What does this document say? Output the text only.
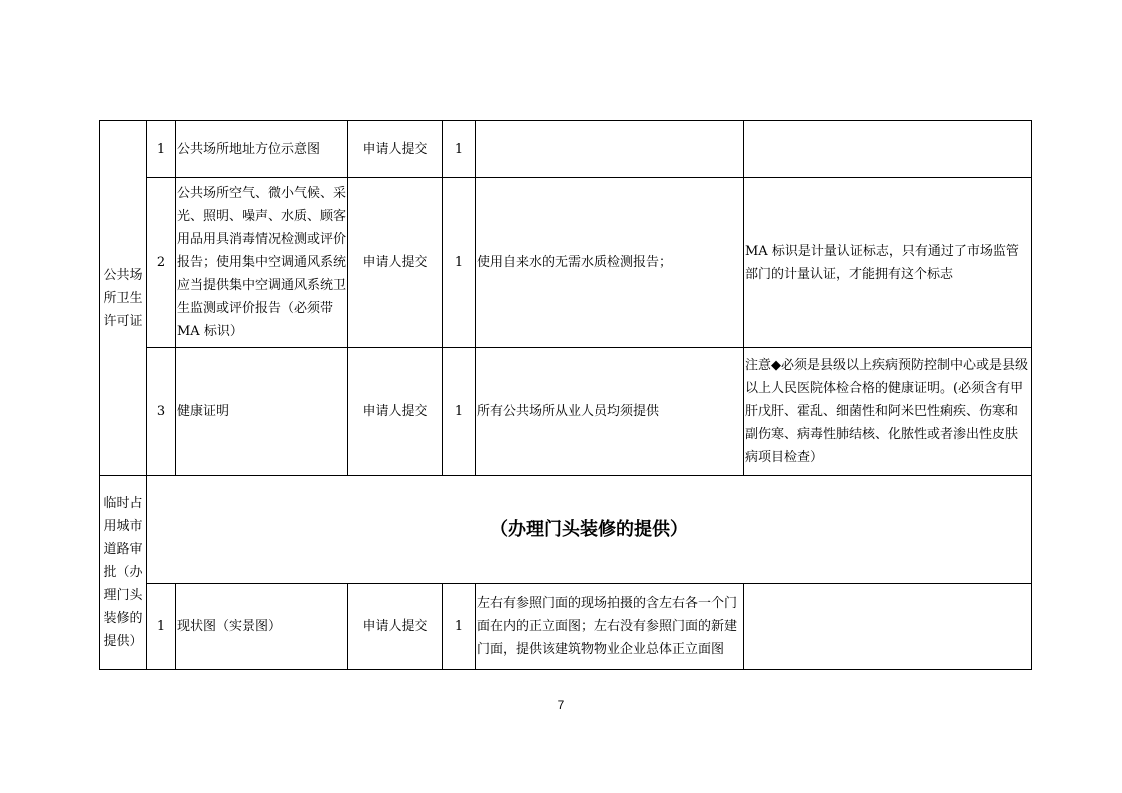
公共场所卫生许可证	1	公共场所地址方位示意图	申请人提交	1		
	2	公共场所空气、微小气候、采光、照明、噪声、水质、顾客用品用具消毒情况检测或评价报告；使用集中空调通风系统应当提供集中空调通风系统卫生监测或评价报告（必须带 MA 标识）	申请人提交	1	使用自来水的无需水质检测报告；	MA 标识是计量认证标志，只有通过了市场监管部门的计量认证，才能拥有这个标志
	3	健康证明	申请人提交	1	所有公共场所从业人员均须提供	注意◆必须是县级以上疾病预防控制中心或是县级以上人民医院体检合格的健康证明。(必须含有甲肝戊肝、霍乱、细菌性和阿米巴性痢疾、伤寒和副伤寒、病毒性肺结核、化脓性或者渗出性皮肤病项目检查）
临时占用城市道路审批（办理门头装修的提供）	（办理门头装修的提供）					
	1	现状图（实景图）	申请人提交	1	左右有参照门面的现场拍摄的含左右各一个门面在内的正立面图；左右没有参照门面的新建门面，提供该建筑物物业企业总体正立面图	
7
